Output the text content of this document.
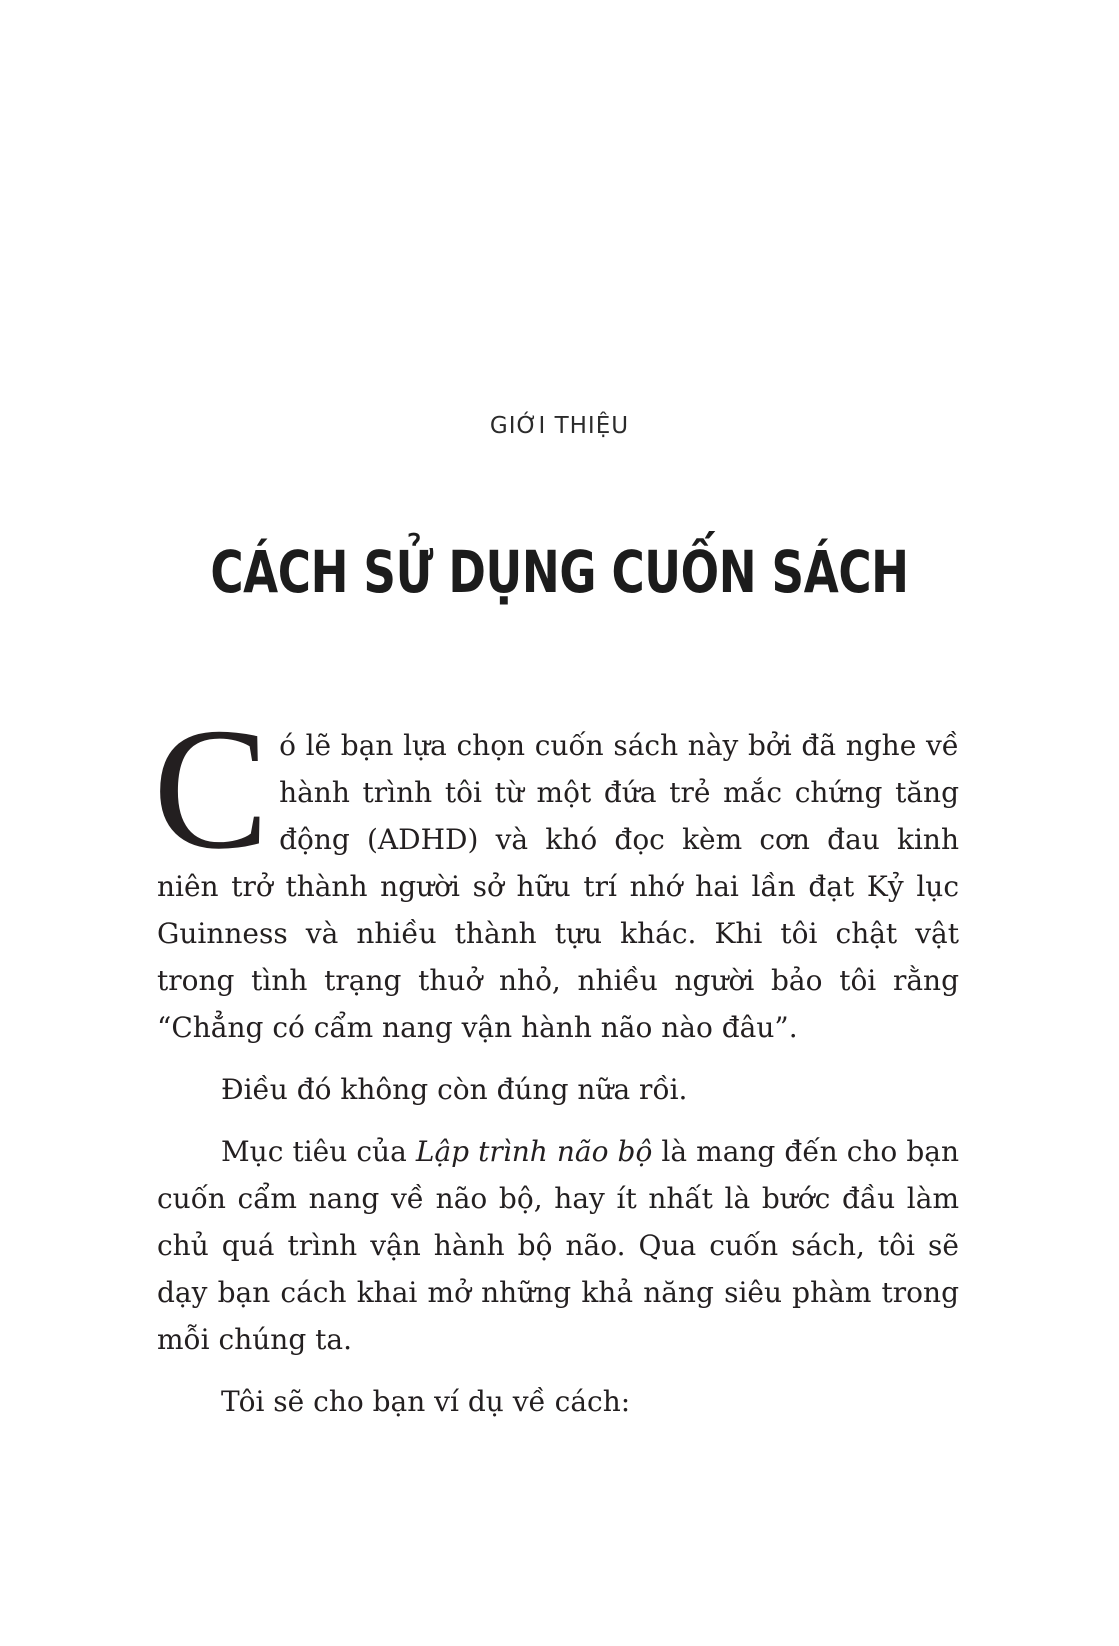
GIỚI THIỆU
CÁCH SỬ DỤNG CUỐN SÁCH

Có lẽ bạn lựa chọn cuốn sách này bởi đã nghe về hành trình tôi từ một đứa trẻ mắc chứng tăng động (ADHD) và khó đọc kèm cơn đau kinh niên trở thành người sở hữu trí nhớ hai lần đạt Kỷ lục Guinness và nhiều thành tựu khác. Khi tôi chật vật trong tình trạng thuở nhỏ, nhiều người bảo tôi rằng “Chẳng có cẩm nang vận hành não nào đâu”.

Điều đó không còn đúng nữa rồi.

Mục tiêu của Lập trình não bộ là mang đến cho bạn cuốn cẩm nang về não bộ, hay ít nhất là bước đầu làm chủ quá trình vận hành bộ não. Qua cuốn sách, tôi sẽ dạy bạn cách khai mở những khả năng siêu phàm trong mỗi chúng ta.

Tôi sẽ cho bạn ví dụ về cách:
